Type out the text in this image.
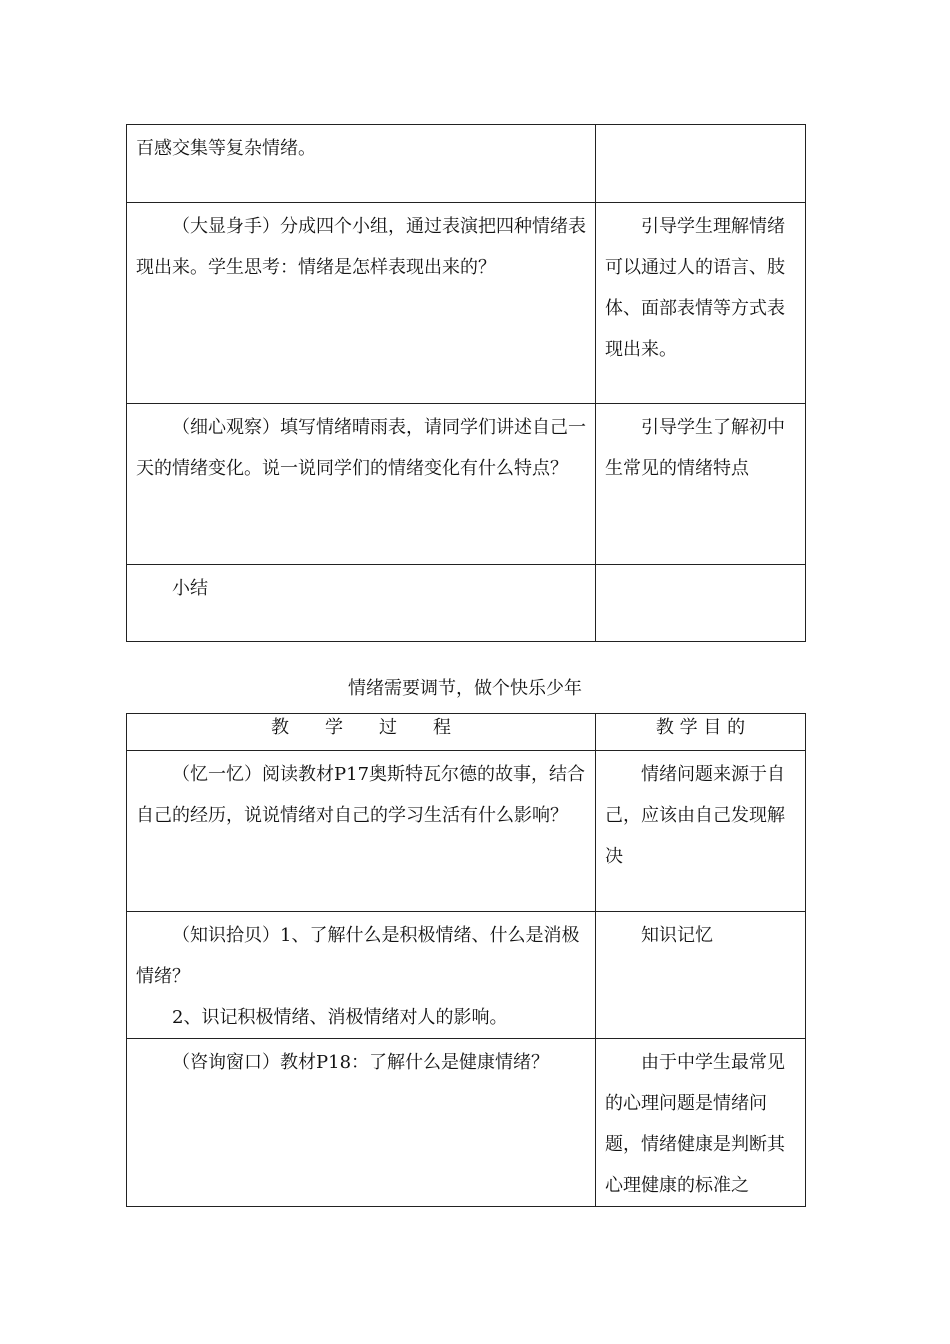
百感交集等复杂情绪。	

（大显身手）分成四个小组，通过表演把四种情绪表现出来。学生思考：情绪是怎样表现出来的？	引导学生理解情绪可以通过人的语言、肢体、面部表情等方式表现出来。

（细心观察）填写情绪晴雨表，请同学们讲述自己一天的情绪变化。说一说同学们的情绪变化有什么特点？	引导学生了解初中生常见的情绪特点

小结	

情绪需要调节，做个快乐少年
教　　学　　过　　程	教 学 目 的

（忆一忆）阅读教材P17奥斯特瓦尔德的故事，结合自己的经历，说说情绪对自己的学习生活有什么影响？	情绪问题来源于自己，应该由自己发现解决

（知识拾贝）1、了解什么是积极情绪、什么是消极情绪？

2、识记积极情绪、消极情绪对人的影响。	知识记忆

（咨询窗口）教材P18：了解什么是健康情绪？	由于中学生最常见的心理问题是情绪问题，情绪健康是判断其心理健康的标准之
